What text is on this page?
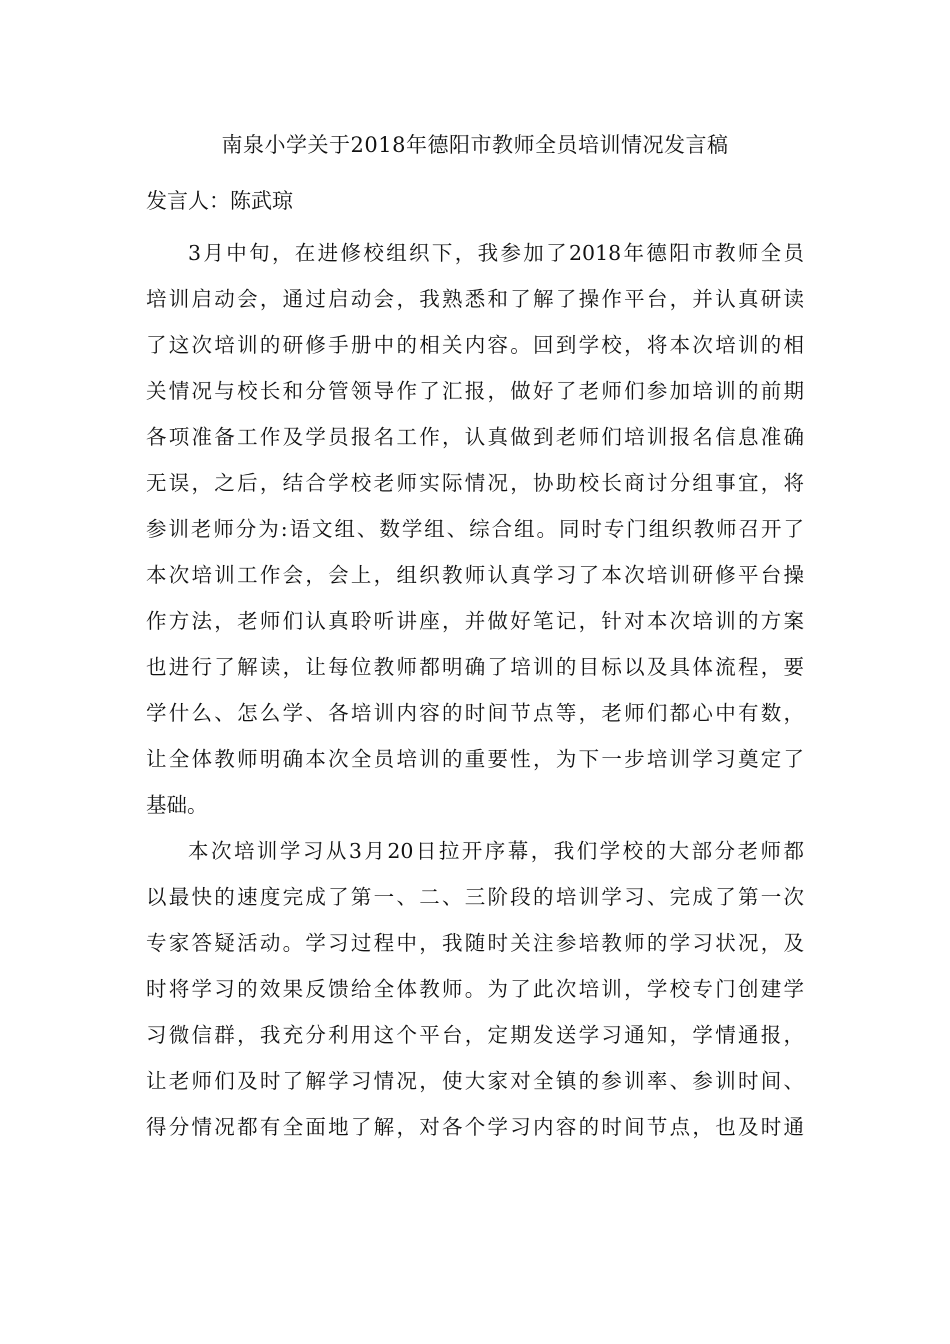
南泉小学关于2018年德阳市教师全员培训情况发言稿
发言人：陈武琼
3月中旬，在进修校组织下，我参加了2018年德阳市教师全员
培训启动会，通过启动会，我熟悉和了解了操作平台，并认真研读
了这次培训的研修手册中的相关内容。回到学校，将本次培训的相
关情况与校长和分管领导作了汇报，做好了老师们参加培训的前期
各项准备工作及学员报名工作，认真做到老师们培训报名信息准确
无误，之后，结合学校老师实际情况，协助校长商讨分组事宜，将
参训老师分为:语文组、数学组、综合组。同时专门组织教师召开了
本次培训工作会，会上，组织教师认真学习了本次培训研修平台操
作方法，老师们认真聆听讲座，并做好笔记，针对本次培训的方案
也进行了解读，让每位教师都明确了培训的目标以及具体流程，要
学什么、怎么学、各培训内容的时间节点等，老师们都心中有数，
让全体教师明确本次全员培训的重要性，为下一步培训学习奠定了
基础。
本次培训学习从3月20日拉开序幕，我们学校的大部分老师都
以最快的速度完成了第一、二、三阶段的培训学习、完成了第一次
专家答疑活动。学习过程中，我随时关注参培教师的学习状况，及
时将学习的效果反馈给全体教师。为了此次培训，学校专门创建学
习微信群，我充分利用这个平台，定期发送学习通知，学情通报，
让老师们及时了解学习情况，使大家对全镇的参训率、参训时间、
得分情况都有全面地了解，对各个学习内容的时间节点，也及时通
